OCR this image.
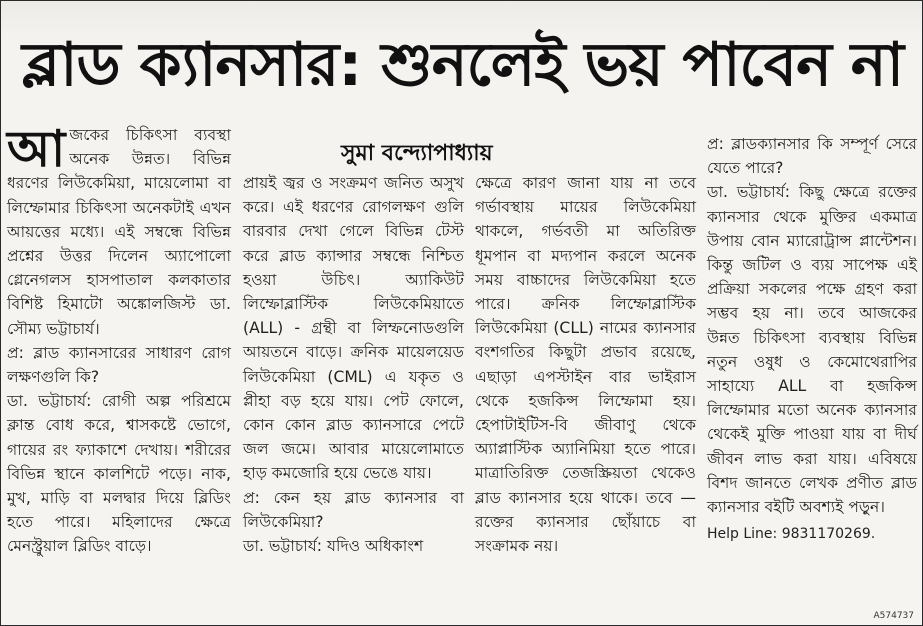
ব্লাড ক্যানসার: শুনলেই ভয় পাবেন না
সুমা বন্দ্যোপাধ্যায়

আজকের চিকিৎসা ব্যবস্থা অনেক উন্নত। বিভিন্ন ধরণের লিউকেমিয়া, মায়েলোমা বা লিম্ফোমার চিকিৎসা অনেকটাই এখন আয়ত্তের মধ্যে। এই সম্বন্ধে বিভিন্ন প্রশ্নের উত্তর দিলেন অ্যাপোলো গ্লেনেগলস হাসপাতাল কলকাতার বিশিষ্ট হিমাটো অঙ্কোলজিস্ট ডা. সৌম্য ভট্টাচার্য।

প্র: ব্লাড ক্যানসারের সাধারণ রোগ লক্ষণগুলি কি?

ডা. ভট্টাচার্য: রোগী অল্প পরিশ্রমে ক্লান্ত বোধ করে, শ্বাসকষ্টে ভোগে, গায়ের রং ফ্যাকাশে দেখায়। শরীরের বিভিন্ন স্থানে কালশিটে পড়ে। নাক, মুখ, মাড়ি বা মলদ্বার দিয়ে ব্লিডিং হতে পারে। মহিলাদের ক্ষেত্রে মেনস্ট্রুয়াল ব্লিডিং বাড়ে।

প্রায়ই জ্বর ও সংক্রমণ জনিত অসুখ করে। এই ধরণের রোগলক্ষণ গুলি বারবার দেখা গেলে বিভিন্ন টেস্ট করে ব্লাড ক্যান্সার সম্বন্ধে নিশ্চিত হওয়া উচিৎ। অ্যাকিউট লিম্ফোব্লাস্টিক লিউকেমিয়াতে (ALL) - গ্রন্থী বা লিম্ফনোডগুলি আয়তনে বাড়ে। ক্রনিক মায়েলয়েড লিউকেমিয়া (CML) এ যকৃত ও প্লীহা বড় হয়ে যায়। পেট ফোলে, কোন কোন ব্লাড ক্যানসারে পেটে জল জমে। আবার মায়েলোমাতে হাড় কমজোরি হয়ে ভেঙে যায়।

প্র: কেন হয় ব্লাড ক্যানসার বা লিউকেমিয়া?

ডা. ভট্টাচার্য: যদিও অধিকাংশ

ক্ষেত্রে কারণ জানা যায় না তবে গর্ভাবস্থায় মায়ের লিউকেমিয়া থাকলে, গর্ভবতী মা অতিরিক্ত ধূমপান বা মদ্যপান করলে অনেক সময় বাচ্চাদের লিউকেমিয়া হতে পারে। ক্রনিক লিম্ফোব্লাস্টিক লিউকেমিয়া (CLL) নামের ক্যানসার বংশগতির কিছুটা প্রভাব রয়েছে, এছাড়া এপস্টাইন বার ভাইরাস থেকে হজকিন্স লিম্ফোমা হয়। হেপাটাইটিস-বি জীবাণু থেকে অ্যাপ্লাস্টিক অ্যানিমিয়া হতে পারে। মাত্রাতিরিক্ত তেজস্ক্রিয়তা থেকেও ব্লাড ক্যানসার হয়ে থাকে। তবে — রক্তের ক্যানসার ছোঁয়াচে বা সংক্রামক নয়।

প্র: ব্লাডক্যানসার কি সম্পূর্ণ সেরে যেতে পারে?

ডা. ভট্টাচার্য: কিছু ক্ষেত্রে রক্তের ক্যানসার থেকে মুক্তির একমাত্র উপায় বোন ম্যারোট্রান্স প্লান্টেশন। কিন্তু জটিল ও ব্যয় সাপেক্ষ এই প্রক্রিয়া সকলের পক্ষে গ্রহণ করা সম্ভব হয় না। তবে আজকের উন্নত চিকিৎসা ব্যবস্থায় বিভিন্ন নতুন ওষুধ ও কেমোথেরাপির সাহায্যে ALL বা হজকিন্স লিম্ফোমার মতো অনেক ক্যানসার থেকেই মুক্তি পাওয়া যায় বা দীর্ঘ জীবন লাভ করা যায়। এবিষয়ে বিশদ জানতে লেখক প্রণীত ব্লাড ক্যানসার বইটি অবশ্যই পড়ুন।

Help Line: 9831170269.

A574737
